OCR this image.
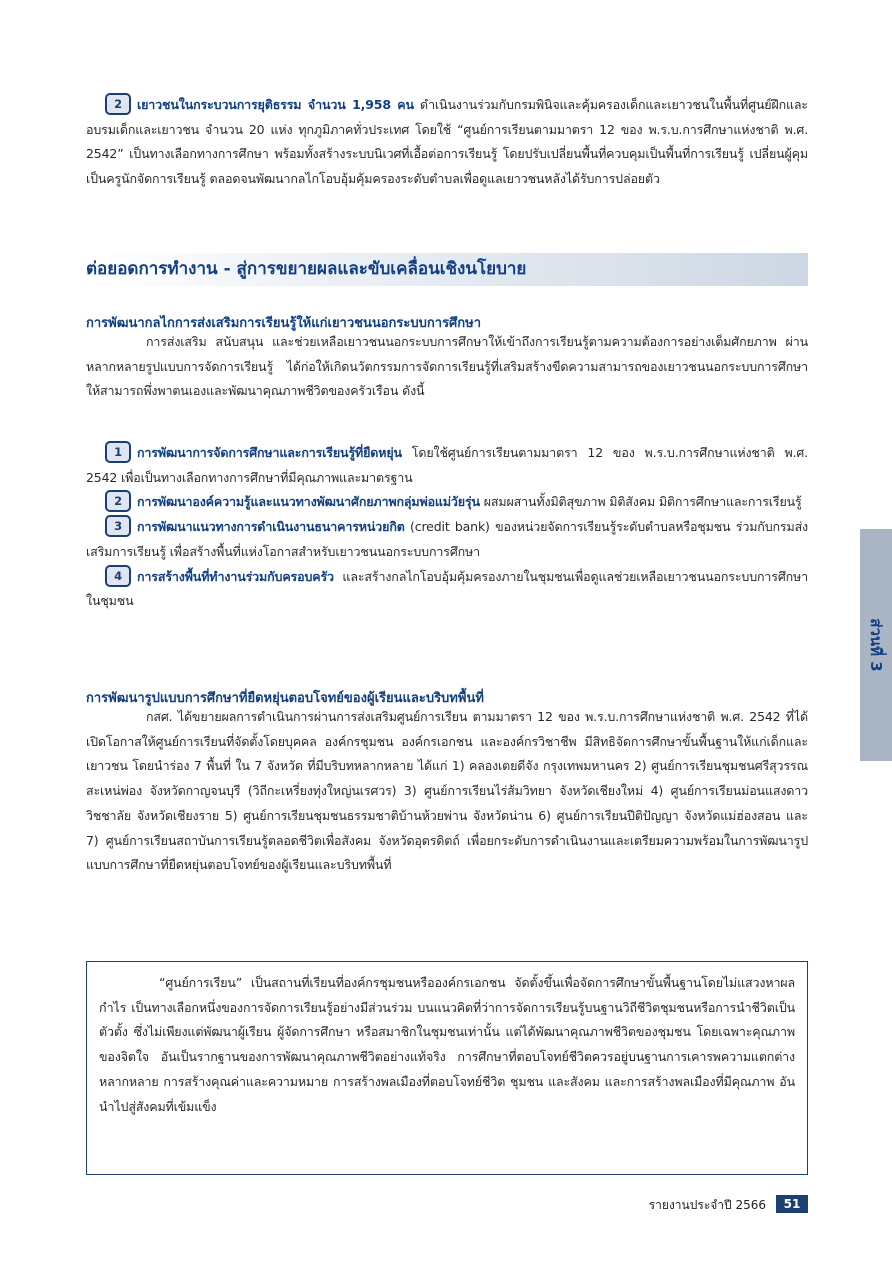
2 เยาวชนในกระบวนการยุติธรรม จำนวน 1,958 คน ดำเนินงานร่วมกับกรมพินิจและคุ้มครองเด็กและเยาวชนในพื้นที่ศูนย์ฝึกและอบรมเด็กและเยาวชน จำนวน 20 แห่ง ทุกภูมิภาคทั่วประเทศ โดยใช้ “ศูนย์การเรียนตามมาตรา 12 ของ พ.ร.บ.การศึกษาแห่งชาติ พ.ศ. 2542” เป็นทางเลือกทางการศึกษา พร้อมทั้งสร้างระบบนิเวศที่เอื้อต่อการเรียนรู้ โดยปรับเปลี่ยนพื้นที่ควบคุมเป็นพื้นที่การเรียนรู้ เปลี่ยนผู้คุมเป็นครูนักจัดการเรียนรู้ ตลอดจนพัฒนากลไกโอบอุ้มคุ้มครองระดับตำบลเพื่อดูแลเยาวชนหลังได้รับการปล่อยตัว

ต่อยอดการทำงาน - สู่การขยายผลและขับเคลื่อนเชิงนโยบาย

การพัฒนากลไกการส่งเสริมการเรียนรู้ให้แก่เยาวชนนอกระบบการศึกษา

การส่งเสริม สนับสนุน และช่วยเหลือเยาวชนนอกระบบการศึกษาให้เข้าถึงการเรียนรู้ตามความต้องการอย่างเต็มศักยภาพ ผ่านหลากหลายรูปแบบการจัดการเรียนรู้ ได้ก่อให้เกิดนวัตกรรมการจัดการเรียนรู้ที่เสริมสร้างขีดความสามารถของเยาวชนนอกระบบการศึกษา ให้สามารถพึ่งพาตนเองและพัฒนาคุณภาพชีวิตของครัวเรือน ดังนี้

1 การพัฒนาการจัดการศึกษาและการเรียนรู้ที่ยืดหยุ่น โดยใช้ศูนย์การเรียนตามมาตรา 12 ของ พ.ร.บ.การศึกษาแห่งชาติ พ.ศ. 2542 เพื่อเป็นทางเลือกทางการศึกษาที่มีคุณภาพและมาตรฐาน

2 การพัฒนาองค์ความรู้และแนวทางพัฒนาศักยภาพกลุ่มพ่อแม่วัยรุ่น ผสมผสานทั้งมิติสุขภาพ มิติสังคม มิติการศึกษาและการเรียนรู้

3 การพัฒนาแนวทางการดำเนินงานธนาคารหน่วยกิต (credit bank) ของหน่วยจัดการเรียนรู้ระดับตำบลหรือชุมชน ร่วมกับกรมส่งเสริมการเรียนรู้ เพื่อสร้างพื้นที่แห่งโอกาสสำหรับเยาวชนนอกระบบการศึกษา

4 การสร้างพื้นที่ทำงานร่วมกับครอบครัว และสร้างกลไกโอบอุ้มคุ้มครองภายในชุมชนเพื่อดูแลช่วยเหลือเยาวชนนอกระบบการศึกษาในชุมชน

การพัฒนารูปแบบการศึกษาที่ยืดหยุ่นตอบโจทย์ของผู้เรียนและบริบทพื้นที่

กสศ. ได้ขยายผลการดำเนินการผ่านการส่งเสริมศูนย์การเรียน ตามมาตรา 12 ของ พ.ร.บ.การศึกษาแห่งชาติ พ.ศ. 2542 ที่ได้เปิดโอกาสให้ศูนย์การเรียนที่จัดตั้งโดยบุคคล องค์กรชุมชน องค์กรเอกชน และองค์กรวิชาชีพ มีสิทธิจัดการศึกษาขั้นพื้นฐานให้แก่เด็กและเยาวชน โดยนำร่อง 7 พื้นที่ ใน 7 จังหวัด ที่มีบริบทหลากหลาย ได้แก่ 1) คลองเตยดีจัง กรุงเทพมหานคร 2) ศูนย์การเรียนชุมชนศรีสุวรรณสะเหน่พ่อง จังหวัดกาญจนบุรี (วิถีกะเหรี่ยงทุ่งใหญ่นเรศวร) 3) ศูนย์การเรียนไร่ส้มวิทยา จังหวัดเชียงใหม่ 4) ศูนย์การเรียนม่อนแสงดาววิชชาลัย จังหวัดเชียงราย 5) ศูนย์การเรียนชุมชนธรรมชาติบ้านห้วยพ่าน จังหวัดน่าน 6) ศูนย์การเรียนปีติปัญญา จังหวัดแม่ฮ่องสอน และ 7) ศูนย์การเรียนสถาบันการเรียนรู้ตลอดชีวิตเพื่อสังคม จังหวัดอุตรดิตถ์ เพื่อยกระดับการดำเนินงานและเตรียมความพร้อมในการพัฒนารูปแบบการศึกษาที่ยืดหยุ่นตอบโจทย์ของผู้เรียนและบริบทพื้นที่

“ศูนย์การเรียน” เป็นสถานที่เรียนที่องค์กรชุมชนหรือองค์กรเอกชน จัดตั้งขึ้นเพื่อจัดการศึกษาขั้นพื้นฐานโดยไม่แสวงหาผลกำไร เป็นทางเลือกหนึ่งของการจัดการเรียนรู้อย่างมีส่วนร่วม บนแนวคิดที่ว่าการจัดการเรียนรู้บนฐานวิถีชีวิตชุมชนหรือการนำชีวิตเป็นตัวตั้ง ซึ่งไม่เพียงแต่พัฒนาผู้เรียน ผู้จัดการศึกษา หรือสมาชิกในชุมชนเท่านั้น แต่ได้พัฒนาคุณภาพชีวิตของชุมชน โดยเฉพาะคุณภาพของจิตใจ อันเป็นรากฐานของการพัฒนาคุณภาพชีวิตอย่างแท้จริง การศึกษาที่ตอบโจทย์ชีวิตควรอยู่บนฐานการเคารพความแตกต่างหลากหลาย การสร้างคุณค่าและความหมาย การสร้างพลเมืองที่ตอบโจทย์ชีวิต ชุมชน และสังคม และการสร้างพลเมืองที่มีคุณภาพ อันนำไปสู่สังคมที่เข้มแข็ง

ส่วนที่ 3
รายงานประจำปี 2566	51
